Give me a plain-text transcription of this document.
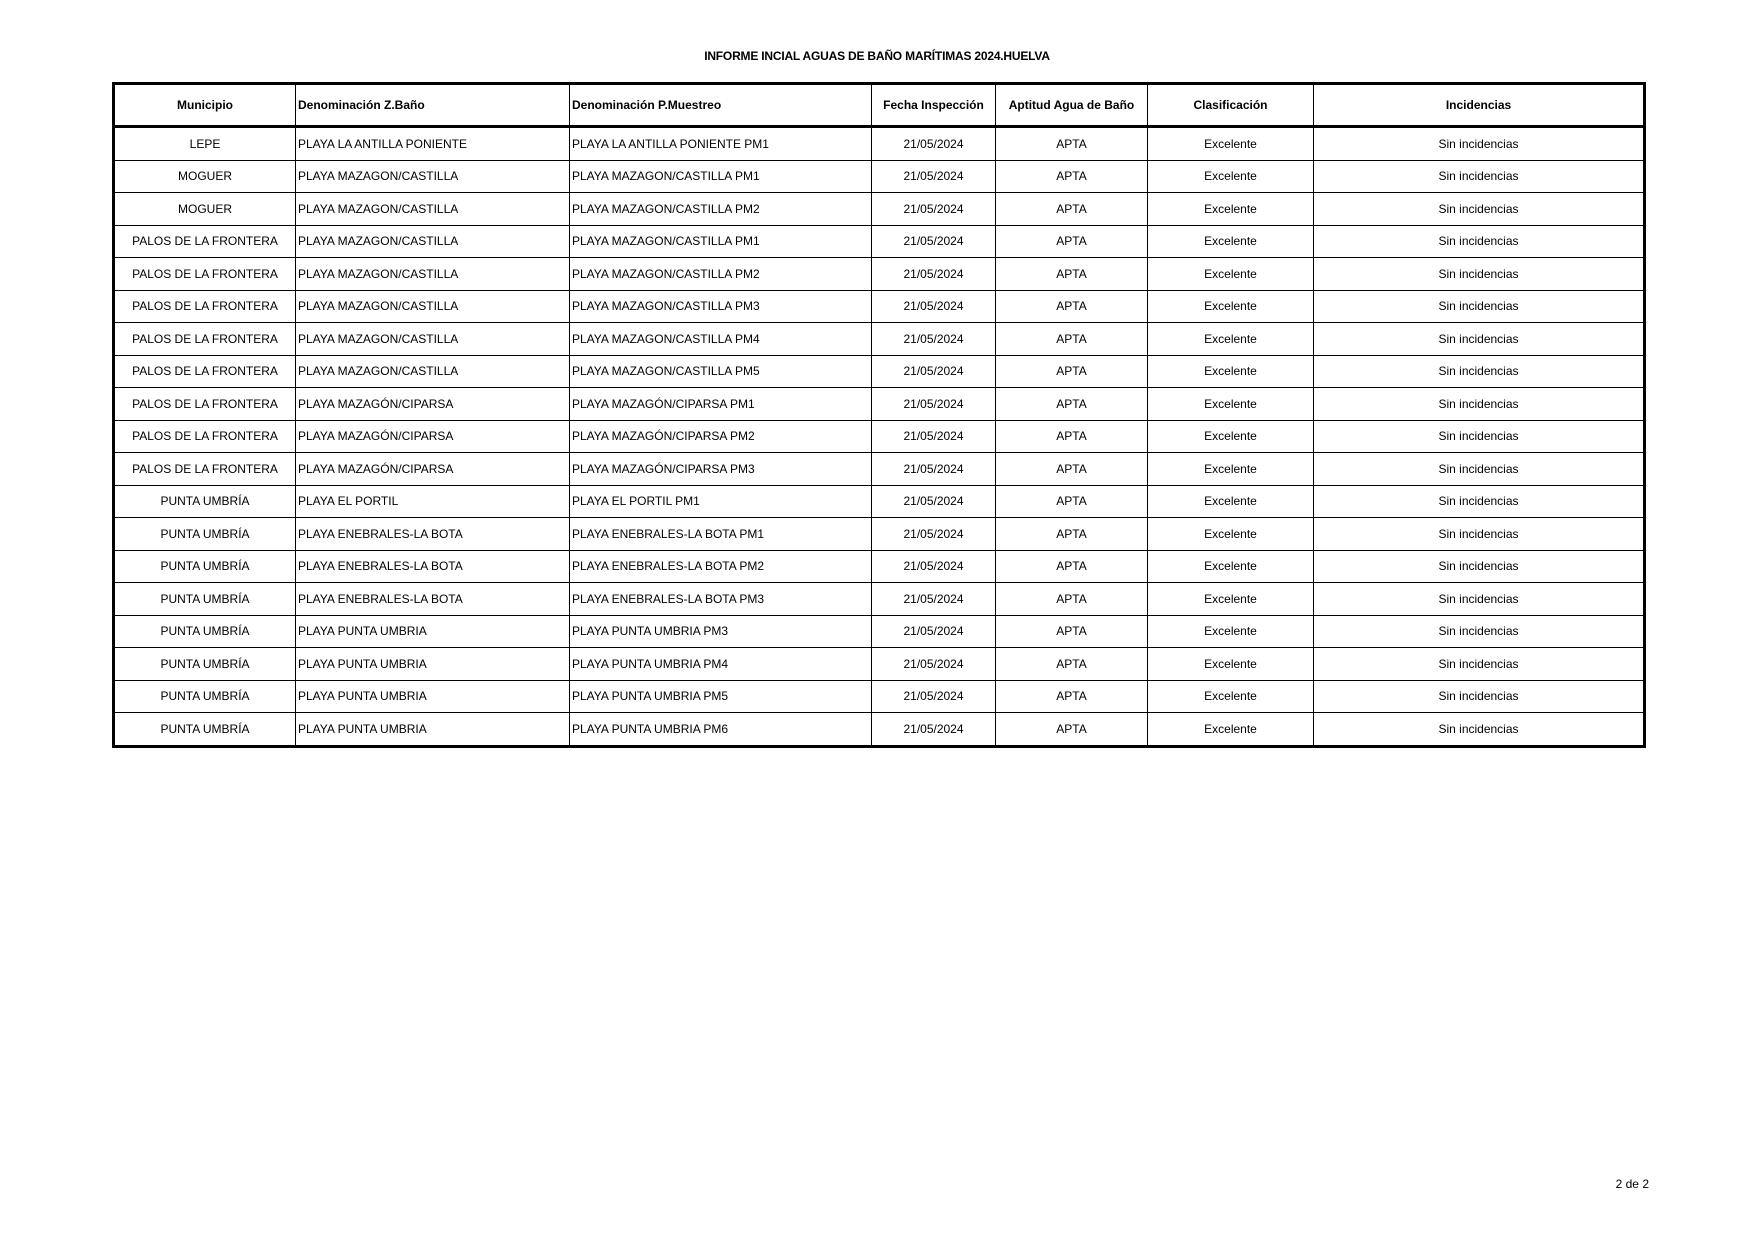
INFORME INCIAL AGUAS DE BAÑO MARÍTIMAS 2024.HUELVA
Municipio	Denominación Z.Baño	Denominación P.Muestreo	Fecha Inspección	Aptitud Agua de Baño	Clasificación	Incidencias
LEPE	PLAYA LA ANTILLA PONIENTE	PLAYA LA ANTILLA PONIENTE PM1	21/05/2024	APTA	Excelente	Sin incidencias
MOGUER	PLAYA MAZAGON/CASTILLA	PLAYA MAZAGON/CASTILLA PM1	21/05/2024	APTA	Excelente	Sin incidencias
MOGUER	PLAYA MAZAGON/CASTILLA	PLAYA MAZAGON/CASTILLA PM2	21/05/2024	APTA	Excelente	Sin incidencias
PALOS DE LA FRONTERA	PLAYA MAZAGON/CASTILLA	PLAYA MAZAGON/CASTILLA PM1	21/05/2024	APTA	Excelente	Sin incidencias
PALOS DE LA FRONTERA	PLAYA MAZAGON/CASTILLA	PLAYA MAZAGON/CASTILLA PM2	21/05/2024	APTA	Excelente	Sin incidencias
PALOS DE LA FRONTERA	PLAYA MAZAGON/CASTILLA	PLAYA MAZAGON/CASTILLA PM3	21/05/2024	APTA	Excelente	Sin incidencias
PALOS DE LA FRONTERA	PLAYA MAZAGON/CASTILLA	PLAYA MAZAGON/CASTILLA PM4	21/05/2024	APTA	Excelente	Sin incidencias
PALOS DE LA FRONTERA	PLAYA MAZAGON/CASTILLA	PLAYA MAZAGON/CASTILLA PM5	21/05/2024	APTA	Excelente	Sin incidencias
PALOS DE LA FRONTERA	PLAYA MAZAGÓN/CIPARSA	PLAYA MAZAGÓN/CIPARSA PM1	21/05/2024	APTA	Excelente	Sin incidencias
PALOS DE LA FRONTERA	PLAYA MAZAGÓN/CIPARSA	PLAYA MAZAGÓN/CIPARSA PM2	21/05/2024	APTA	Excelente	Sin incidencias
PALOS DE LA FRONTERA	PLAYA MAZAGÓN/CIPARSA	PLAYA MAZAGÓN/CIPARSA PM3	21/05/2024	APTA	Excelente	Sin incidencias
PUNTA UMBRÍA	PLAYA EL PORTIL	PLAYA EL PORTIL PM1	21/05/2024	APTA	Excelente	Sin incidencias
PUNTA UMBRÍA	PLAYA ENEBRALES-LA BOTA	PLAYA ENEBRALES-LA BOTA PM1	21/05/2024	APTA	Excelente	Sin incidencias
PUNTA UMBRÍA	PLAYA ENEBRALES-LA BOTA	PLAYA ENEBRALES-LA BOTA PM2	21/05/2024	APTA	Excelente	Sin incidencias
PUNTA UMBRÍA	PLAYA ENEBRALES-LA BOTA	PLAYA ENEBRALES-LA BOTA PM3	21/05/2024	APTA	Excelente	Sin incidencias
PUNTA UMBRÍA	PLAYA PUNTA UMBRIA	PLAYA PUNTA UMBRIA PM3	21/05/2024	APTA	Excelente	Sin incidencias
PUNTA UMBRÍA	PLAYA PUNTA UMBRIA	PLAYA PUNTA UMBRIA PM4	21/05/2024	APTA	Excelente	Sin incidencias
PUNTA UMBRÍA	PLAYA PUNTA UMBRIA	PLAYA PUNTA UMBRIA PM5	21/05/2024	APTA	Excelente	Sin incidencias
PUNTA UMBRÍA	PLAYA PUNTA UMBRIA	PLAYA PUNTA UMBRIA PM6	21/05/2024	APTA	Excelente	Sin incidencias
2 de 2
